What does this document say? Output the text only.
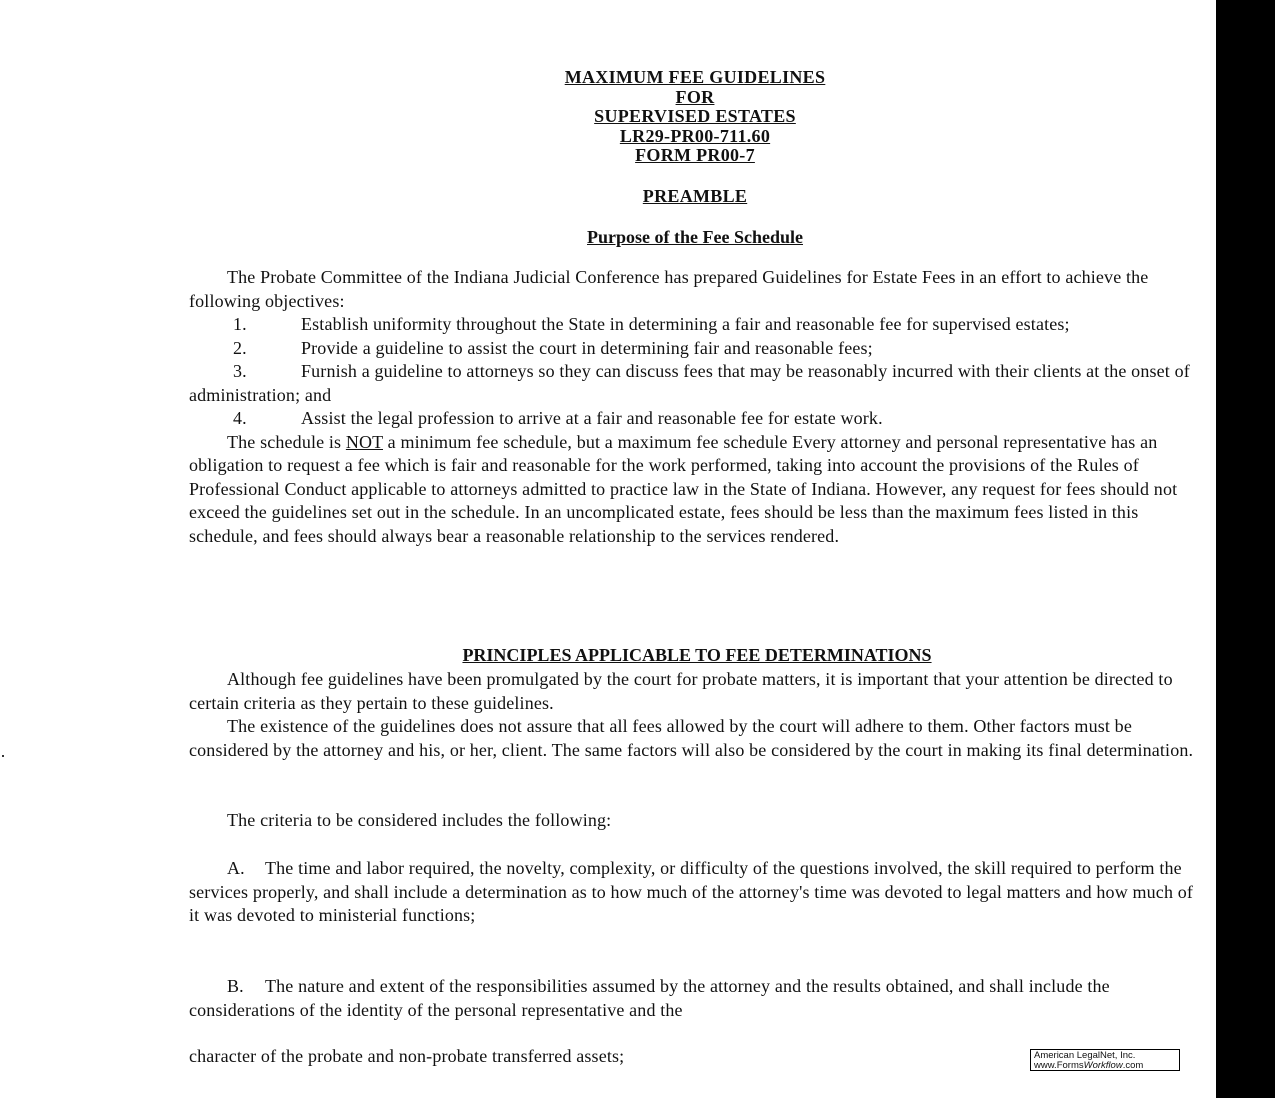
MAXIMUM FEE GUIDELINES
FOR
SUPERVISED ESTATES
LR29-PR00-711.60
FORM PR00-7
PREAMBLE
Purpose of the Fee Schedule

The Probate Committee of the Indiana Judicial Conference has prepared Guidelines for Estate Fees in an effort to achieve the following objectives:

1.	Establish uniformity throughout the State in determining a fair and reasonable fee for supervised estates;

2.	Provide a guideline to assist the court in determining fair and reasonable fees;

3.	Furnish a guideline to attorneys so they can discuss fees that may be reasonably incurred with their clients at the onset of administration; and

4.	Assist the legal profession to arrive at a fair and reasonable fee for estate work.

The schedule is NOT a minimum fee schedule, but a maximum fee schedule Every attorney and personal representative has an obligation to request a fee which is fair and reasonable for the work performed, taking into account the provisions of the Rules of Professional Conduct applicable to attorneys admitted to practice law in the State of Indiana. However, any request for fees should not exceed the guidelines set out in the schedule. In an uncomplicated estate, fees should be less than the maximum fees listed in this schedule, and fees should always bear a reasonable relationship to the services rendered.

PRINCIPLES APPLICABLE TO FEE DETERMINATIONS

Although fee guidelines have been promulgated by the court for probate matters, it is important that your attention be directed to certain criteria as they pertain to these guidelines.

The existence of the guidelines does not assure that all fees allowed by the court will adhere to them. Other factors must be considered by the attorney and his, or her, client. The same factors will also be considered by the court in making its final determination.

The criteria to be considered includes the following:

A. The time and labor required, the novelty, complexity, or difficulty of the questions involved, the skill required to perform the services properly, and shall include a determination as to how much of the attorney's time was devoted to legal matters and how much of it was devoted to ministerial functions;

B. The nature and extent of the responsibilities assumed by the attorney and the results obtained, and shall include the considerations of the identity of the personal representative and the

character of the probate and non-probate transferred assets;	American LegalNet, Inc.
www.FormsWorkflow.com
